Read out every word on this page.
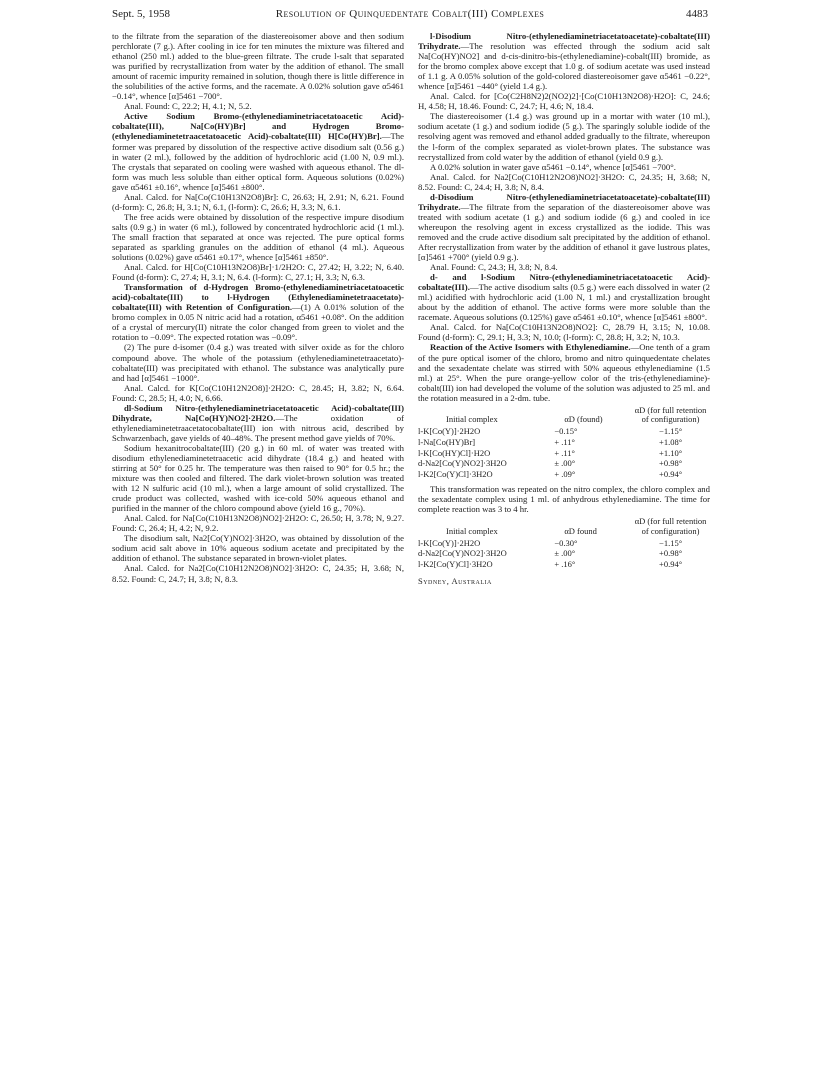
Sept. 5, 1958	Resolution of Quinquedentate Cobalt(III) Complexes	4483

to the filtrate from the separation of the diastereoisomer above and then sodium perchlorate (7 g.). After cooling in ice for ten minutes the mixture was filtered and ethanol (250 ml.) added to the blue-green filtrate. The crude l-salt that separated was purified by recrystallization from water by the addition of ethanol. The small amount of racemic impurity remained in solution, though there is little difference in the solubilities of the active forms, and the racemate. A 0.02% solution gave α5461 −0.14°, whence [α]5461 −700°.

Anal. Found: C, 22.2; H, 4.1; N, 5.2.

Active Sodium Bromo-(ethylenediaminetriacetatoacetic Acid)-cobaltate(III), Na[Co(HY)Br] and Hydrogen Bromo-(ethylenediaminetetraacetatoacetic Acid)-cobaltate(III) H[Co(HY)Br].—The former was prepared by dissolution of the respective active disodium salt (0.56 g.) in water (2 ml.), followed by the addition of hydrochloric acid (1.00 N, 0.9 ml.). The crystals that separated on cooling were washed with aqueous ethanol. The dl-form was much less soluble than either optical form. Aqueous solutions (0.02%) gave α5461 ±0.16°, whence [α]5461 ±800°.

Anal. Calcd. for Na[Co(C10H13N2O8)Br]: C, 26.63; H, 2.91; N, 6.21. Found (d-form): C, 26.8; H, 3.1; N, 6.1, (l-form): C, 26.6; H, 3.3; N, 6.1.

The free acids were obtained by dissolution of the respective impure disodium salts (0.9 g.) in water (6 ml.), followed by concentrated hydrochloric acid (1 ml.). The small fraction that separated at once was rejected. The pure optical forms separated as sparkling granules on the addition of ethanol (4 ml.). Aqueous solutions (0.02%) gave α5461 ±0.17°, whence [α]5461 ±850°.

Anal. Calcd. for H[Co(C10H13N2O8)Br]·1/2H2O: C, 27.42; H, 3.22; N, 6.40. Found (d-form): C, 27.4; H, 3.1; N, 6.4. (l-form): C, 27.1; H, 3.3; N, 6.3.

Transformation of d-Hydrogen Bromo-(ethylenediaminetriacetatoacetic acid)-cobaltate(III) to l-Hydrogen (Ethylenediaminetetraacetato)-cobaltate(III) with Retention of Configuration.—(1) A 0.01% solution of the bromo complex in 0.05 N nitric acid had a rotation, α5461 +0.08°. On the addition of a crystal of mercury(II) nitrate the color changed from green to violet and the rotation to −0.09°. The expected rotation was −0.09°.

(2) The pure d-isomer (0.4 g.) was treated with silver oxide as for the chloro compound above. The whole of the potassium (ethylenediaminetetraacetato)-cobaltate(III) was precipitated with ethanol. The substance was analytically pure and had [α]5461 −1000°.

Anal. Calcd. for K[Co(C10H12N2O8)]·2H2O: C, 28.45; H, 3.82; N, 6.64. Found: C, 28.5; H, 4.0; N, 6.66.

dl-Sodium Nitro-(ethylenediaminetriacetatoacetic Acid)-cobaltate(III) Dihydrate, Na[Co(HY)NO2]·2H2O.—The oxidation of ethylenediaminetetraacetatocobaltate(III) ion with nitrous acid, described by Schwarzenbach, gave yields of 40–48%. The present method gave yields of 70%.

Sodium hexanitrocobaltate(III) (20 g.) in 60 ml. of water was treated with disodium ethylenediaminetetraacetic acid dihydrate (18.4 g.) and heated with stirring at 50° for 0.25 hr. The temperature was then raised to 90° for 0.5 hr.; the mixture was then cooled and filtered. The dark violet-brown solution was treated with 12 N sulfuric acid (10 ml.), when a large amount of solid crystallized. The crude product was collected, washed with ice-cold 50% aqueous ethanol and purified in the manner of the chloro compound above (yield 16 g., 70%).

Anal. Calcd. for Na[Co(C10H13N2O8)NO2]·2H2O: C, 26.50; H, 3.78; N, 9.27. Found: C, 26.4; H, 4.2; N, 9.2.

The disodium salt, Na2[Co(Y)NO2]·3H2O, was obtained by dissolution of the sodium acid salt above in 10% aqueous sodium acetate and precipitated by the addition of ethanol. The substance separated in brown-violet plates.

Anal. Calcd. for Na2[Co(C10H12N2O8)NO2]·3H2O: C, 24.35; H, 3.68; N, 8.52. Found: C, 24.7; H, 3.8; N, 8.3.

l-Disodium Nitro-(ethylenediaminetriacetatoacetate)-cobaltate(III) Trihydrate.—The resolution was effected through the sodium acid salt Na[Co(HY)NO2] and d-cis-dinitro-bis-(ethylenediamine)-cobalt(III) bromide, as for the bromo complex above except that 1.0 g. of sodium acetate was used instead of 1.1 g. A 0.05% solution of the gold-colored diastereoisomer gave α5461 −0.22°, whence [α]5461 −440° (yield 1.4 g.).

Anal. Calcd. for [Co(C2H8N2)2(NO2)2]·[Co(C10H13N2O8)·H2O]: C, 24.6; H, 4.58; H, 18.46. Found: C, 24.7; H, 4.6; N, 18.4.

The diastereoisomer (1.4 g.) was ground up in a mortar with water (10 ml.), sodium acetate (1 g.) and sodium iodide (5 g.). The sparingly soluble iodide of the resolving agent was removed and ethanol added gradually to the filtrate, whereupon the l-form of the complex separated as violet-brown plates. The substance was recrystallized from cold water by the addition of ethanol (yield 0.9 g.).

A 0.02% solution in water gave α5461 −0.14°, whence [α]5461 −700°.

Anal. Calcd. for Na2[Co(C10H12N2O8)NO2]·3H2O: C, 24.35; H, 3.68; N, 8.52. Found: C, 24.4; H, 3.8; N, 8.4.

d-Disodium Nitro-(ethylenediaminetriacetatoacetate)-cobaltate(III) Trihydrate.—The filtrate from the separation of the diastereoisomer above was treated with sodium acetate (1 g.) and sodium iodide (6 g.) and cooled in ice whereupon the resolving agent in excess crystallized as the iodide. This was removed and the crude active disodium salt precipitated by the addition of ethanol. After recrystallization from water by the addition of ethanol it gave lustrous plates, [α]5461 +700° (yield 0.9 g.).

Anal. Found: C, 24.3; H, 3.8; N, 8.4.

d- and l-Sodium Nitro-(ethylenediaminetriacetatoacetic Acid)-cobaltate(III).—The active disodium salts (0.5 g.) were each dissolved in water (2 ml.) acidified with hydrochloric acid (1.00 N, 1 ml.) and crystallization brought about by the addition of ethanol. The active forms were more soluble than the racemate. Aqueous solutions (0.125%) gave α5461 ±0.10°, whence [α]5461 ±800°.

Anal. Calcd. for Na[Co(C10H13N2O8)NO2]: C, 28.79 H, 3.15; N, 10.08. Found (d-form): C, 29.1; H, 3.3; N, 10.0; (l-form): C, 28.8; H, 3.2; N, 10.3.

Reaction of the Active Isomers with Ethylenediamine.—One tenth of a gram of the pure optical isomer of the chloro, bromo and nitro quinquedentate chelates and the sexadentate chelate was stirred with 50% aqueous ethylenediamine (1.5 ml.) at 25°. When the pure orange-yellow color of the tris-(ethylenediamine)-cobalt(III) ion had developed the volume of the solution was adjusted to 25 ml. and the rotation measured in a 2-dm. tube.

Initial complex	αD (found)	αD (for full retention of configuration)
l-K[Co(Y)]·2H2O	−0.15°	−1.15°
l-Na[Co(HY)Br]	+ .11°	+1.08°
l-K[Co(HY)Cl]·H2O	+ .11°	+1.10°
d-Na2[Co(Y)NO2]·3H2O	± .00°	+0.98°
l-K2[Co(Y)Cl]·3H2O	+ .09°	+0.94°

This transformation was repeated on the nitro complex, the chloro complex and the sexadentate complex using 1 ml. of anhydrous ethylenediamine. The time for complete reaction was 3 to 4 hr.

Initial complex	αD found	αD (for full retention of configuration)
l-K[Co(Y)]·2H2O	−0.30°	−1.15°
d-Na2[Co(Y)NO2]·3H2O	± .00°	+0.98°
l-K2[Co(Y)Cl]·3H2O	+ .16°	+0.94°
Sydney, Australia
